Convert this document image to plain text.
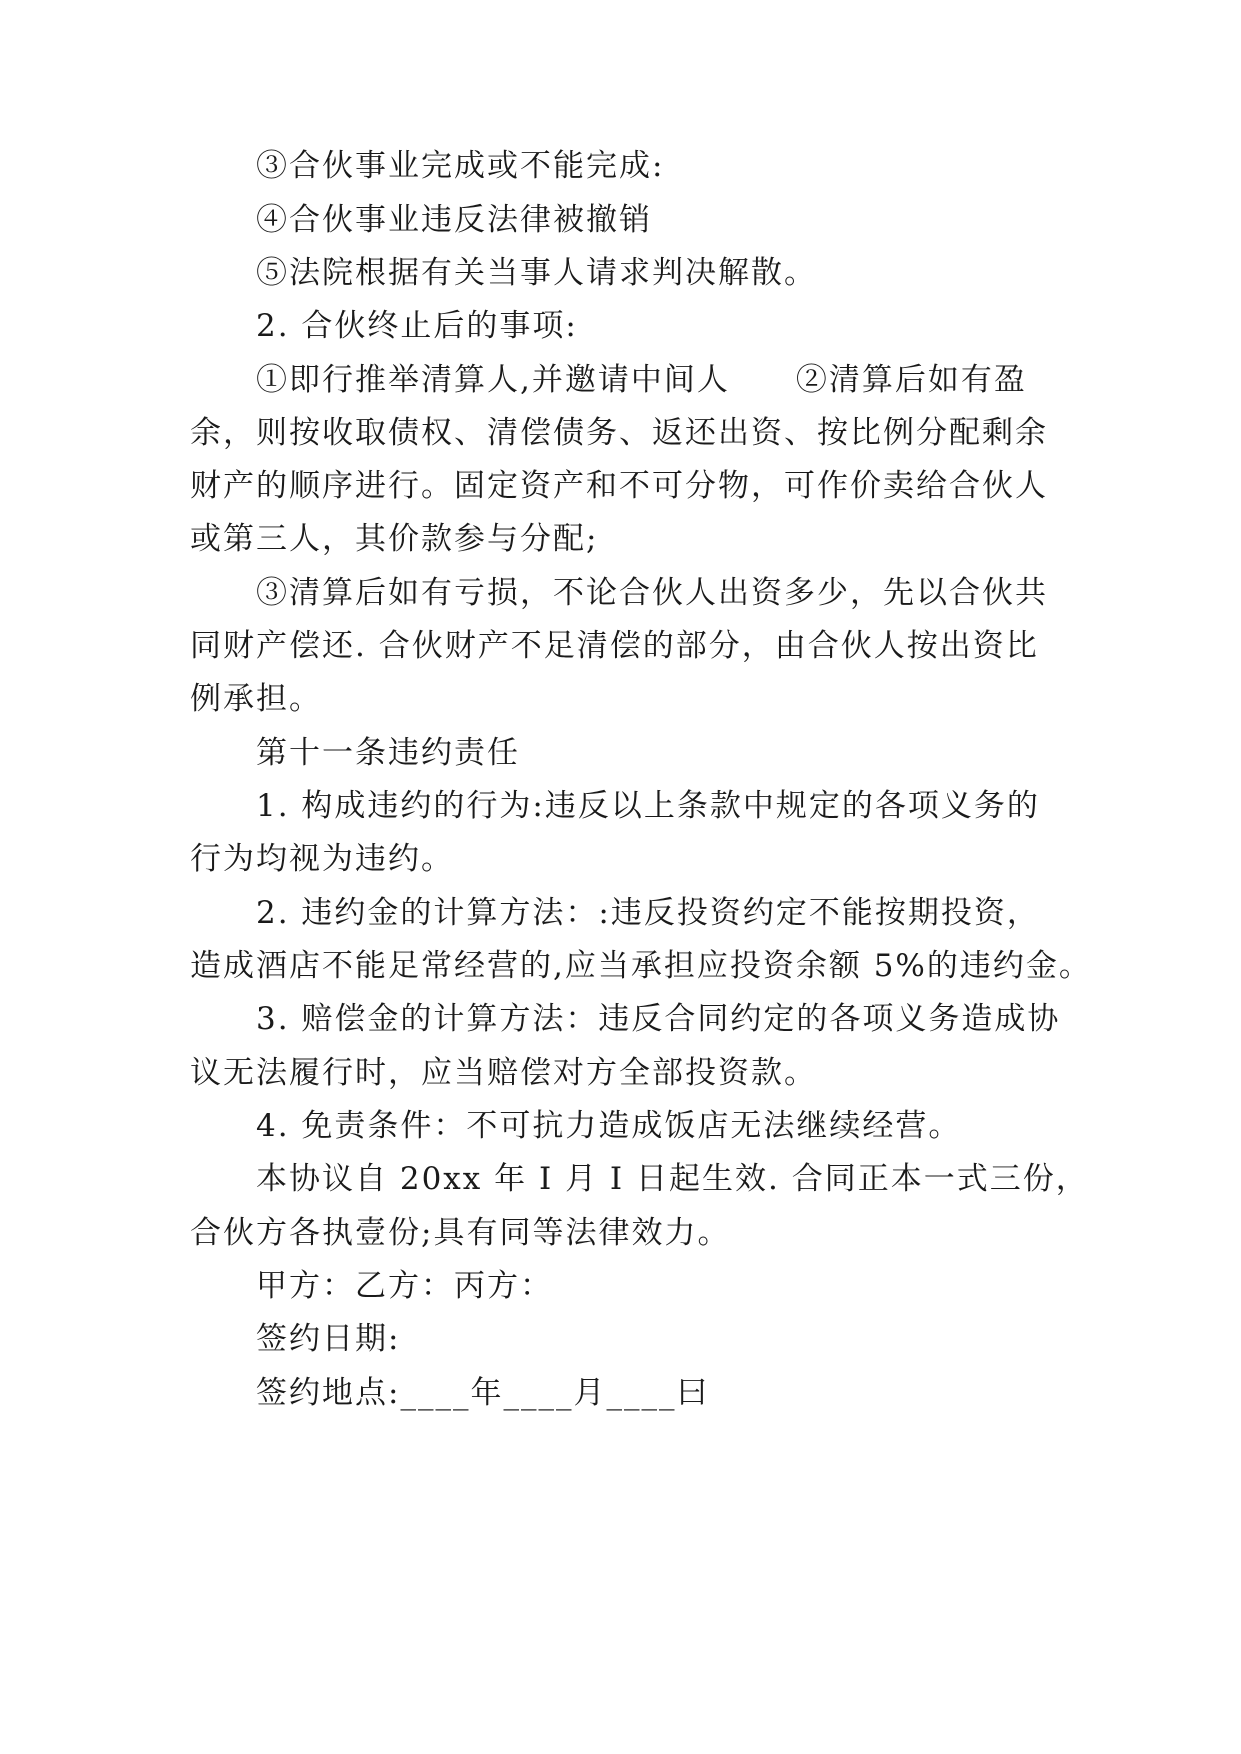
③合伙事业完成或不能完成:
④合伙事业违反法律被撤销
⑤法院根据有关当事人请求判决解散。
2. 合伙终止后的事项:
①即行推举清算人,并邀请中间人　　②清算后如有盈
余，则按收取债权、清偿债务、返还出资、按比例分配剩余
财产的顺序进行。固定资产和不可分物，可作价卖给合伙人
或第三人，其价款参与分配;
③清算后如有亏损，不论合伙人出资多少，先以合伙共
同财产偿还. 合伙财产不足清偿的部分，由合伙人按出资比
例承担。
第十一条违约责任
1. 构成违约的行为:违反以上条款中规定的各项义务的
行为均视为违约。
2. 违约金的计算方法：:违反投资约定不能按期投资，
造成酒店不能足常经营的,应当承担应投资余额 5%的违约金。
3. 赔偿金的计算方法：违反合同约定的各项义务造成协
议无法履行时，应当赔偿对方全部投资款。
4. 免责条件：不可抗力造成饭店无法继续经营。
本协议自 20xx 年 I 月 I 日起生效. 合同正本一式三份，
合伙方各执壹份;具有同等法律效力。
甲方：乙方：丙方：
签约日期:
签约地点:____年____月____曰
